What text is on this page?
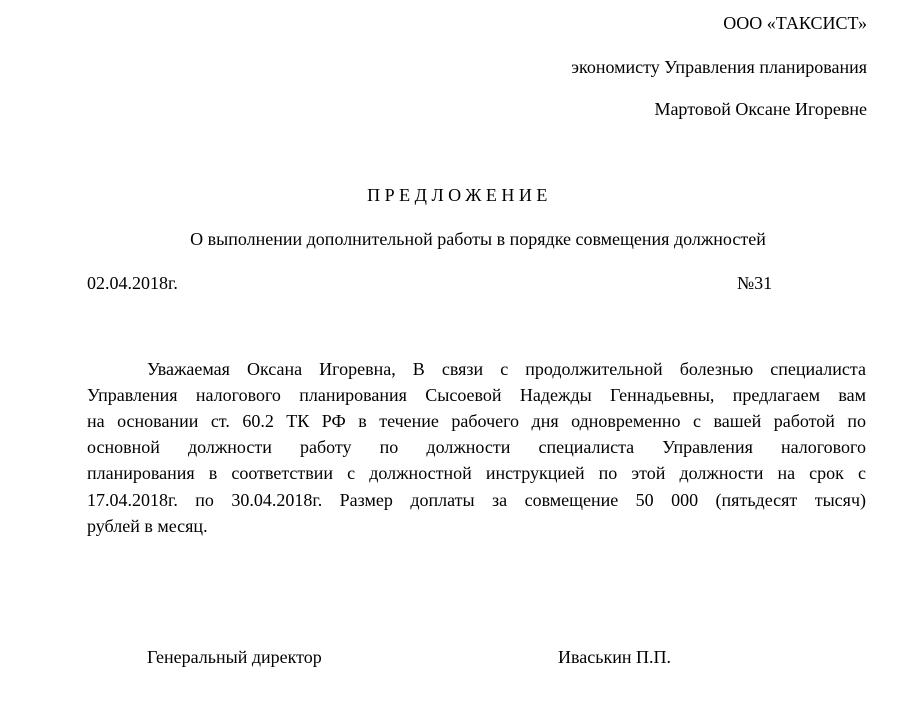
ООО «ТАКСИСТ»
экономисту Управления планирования
Мартовой Оксане Игоревне
ПРЕДЛОЖЕНИЕ
О выполнении дополнительной работы в порядке совмещения должностей
02.04.2018г.	№31
Уважаемая Оксана Игоревна, В связи с продолжительной болезнью специалиста
Управления налогового планирования Сысоевой Надежды Геннадьевны, предлагаем вам
на основании ст. 60.2 ТК РФ в течение рабочего дня одновременно с вашей работой по
основной должности работу по должности специалиста Управления налогового
планирования в соответствии с должностной инструкцией по этой должности на срок с
17.04.2018г. по 30.04.2018г. Размер доплаты за совмещение 50 000 (пятьдесят тысяч)
рублей в месяц.
Генеральный директор	Иваськин П.П.
